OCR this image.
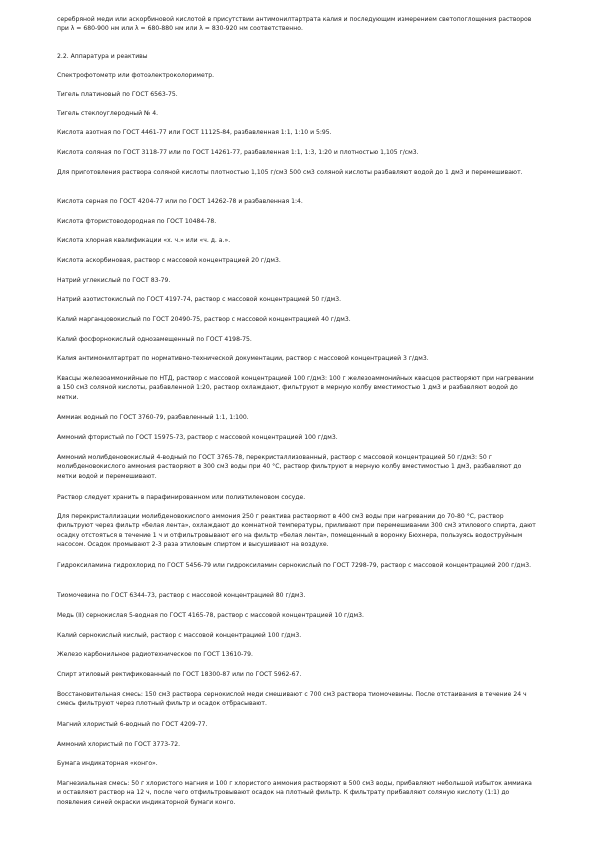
серебряной меди или аскорбиновой кислотой в присутствии антимонилтартрата калия и последующим измерением светопоглощения растворов при λ = 680-900 нм или λ = 680-880 нм или λ = 830-920 нм соответственно.

2.2. Аппаратура и реактивы

Спектрофотометр или фотоэлектроколориметр.

Тигель платиновый по ГОСТ 6563-75.

Тигель стеклоуглеродный № 4.

Кислота азотная по ГОСТ 4461-77 или ГОСТ 11125-84, разбавленная 1:1, 1:10 и 5:95.

Кислота соляная по ГОСТ 3118-77 или по ГОСТ 14261-77, разбавленная 1:1, 1:3, 1:20 и плотностью 1,105 г/см3.

Для приготовления раствора соляной кислоты плотностью 1,105 г/см3 500 см3 соляной кислоты разбавляют водой до 1 дм3 и перемешивают.

Кислота серная по ГОСТ 4204-77 или по ГОСТ 14262-78 и разбавленная 1:4.

Кислота фтористоводородная по ГОСТ 10484-78.

Кислота хлорная квалификации «х. ч.» или «ч. д. а.».

Кислота аскорбиновая, раствор с массовой концентрацией 20 г/дм3.

Натрий углекислый по ГОСТ 83-79.

Натрий азотистокислый по ГОСТ 4197-74, раствор с массовой концентрацией 50 г/дм3.

Калий марганцовокислый по ГОСТ 20490-75, раствор с массовой концентрацией 40 г/дм3.

Калий фосфорнокислый однозамещенный по ГОСТ 4198-75.

Калия антимонилтартрат по нормативно-технической документации, раствор с массовой концентрацией 3 г/дм3.

Квасцы железоаммонийные по НТД, раствор с массовой концентрацией 100 г/дм3: 100 г железоаммонийных квасцов растворяют при нагревании в 150 см3 соляной кислоты, разбавленной 1:20, раствор охлаждают, фильтруют в мерную колбу вместимостью 1 дм3 и разбавляют водой до метки.

Аммиак водный по ГОСТ 3760-79, разбавленный 1:1, 1:100.

Аммоний фтористый по ГОСТ 15975-73, раствор с массовой концентрацией 100 г/дм3.

Аммоний молибденовокислый 4-водный по ГОСТ 3765-78, перекристаллизованный, раствор с массовой концентрацией 50 г/дм3: 50 г молибденовокислого аммония растворяют в 300 см3 воды при 40 °C, раствор фильтруют в мерную колбу вместимостью 1 дм3, разбавляют до метки водой и перемешивают.

Раствор следует хранить в парафинированном или полиэтиленовом сосуде.

Для перекристаллизации молибденовокислого аммония 250 г реактива растворяют в 400 см3 воды при нагревании до 70-80 °C, раствор фильтруют через фильтр «белая лента», охлаждают до комнатной температуры, приливают при перемешивании 300 см3 этилового спирта, дают осадку отстояться в течение 1 ч и отфильтровывают его на фильтр «белая лента», помещенный в воронку Бюхнера, пользуясь водоструйным насосом. Осадок промывают 2-3 раза этиловым спиртом и высушивают на воздухе.

Гидроксиламина гидрохлорид по ГОСТ 5456-79 или гидроксиламин сернокислый по ГОСТ 7298-79, раствор с массовой концентрацией 200 г/дм3.

Тиомочевина по ГОСТ 6344-73, раствор с массовой концентрацией 80 г/дм3.

Медь (II) сернокислая 5-водная по ГОСТ 4165-78, раствор с массовой концентрацией 10 г/дм3.

Калий сернокислый кислый, раствор с массовой концентрацией 100 г/дм3.

Железо карбонильное радиотехническое по ГОСТ 13610-79.

Спирт этиловый ректификованный по ГОСТ 18300-87 или по ГОСТ 5962-67.

Восстановительная смесь: 150 см3 раствора сернокислой меди смешивают с 700 см3 раствора тиомочевины. После отстаивания в течение 24 ч смесь фильтруют через плотный фильтр и осадок отбрасывают.

Магний хлористый 6-водный по ГОСТ 4209-77.

Аммоний хлористый по ГОСТ 3773-72.

Бумага индикаторная «конго».

Магнезиальная смесь: 50 г хлористого магния и 100 г хлористого аммония растворяют в 500 см3 воды, прибавляют небольшой избыток аммиака и оставляют раствор на 12 ч, после чего отфильтровывают осадок на плотный фильтр. К фильтрату прибавляют соляную кислоту (1:1) до появления синей окраски индикаторной бумаги конго.
